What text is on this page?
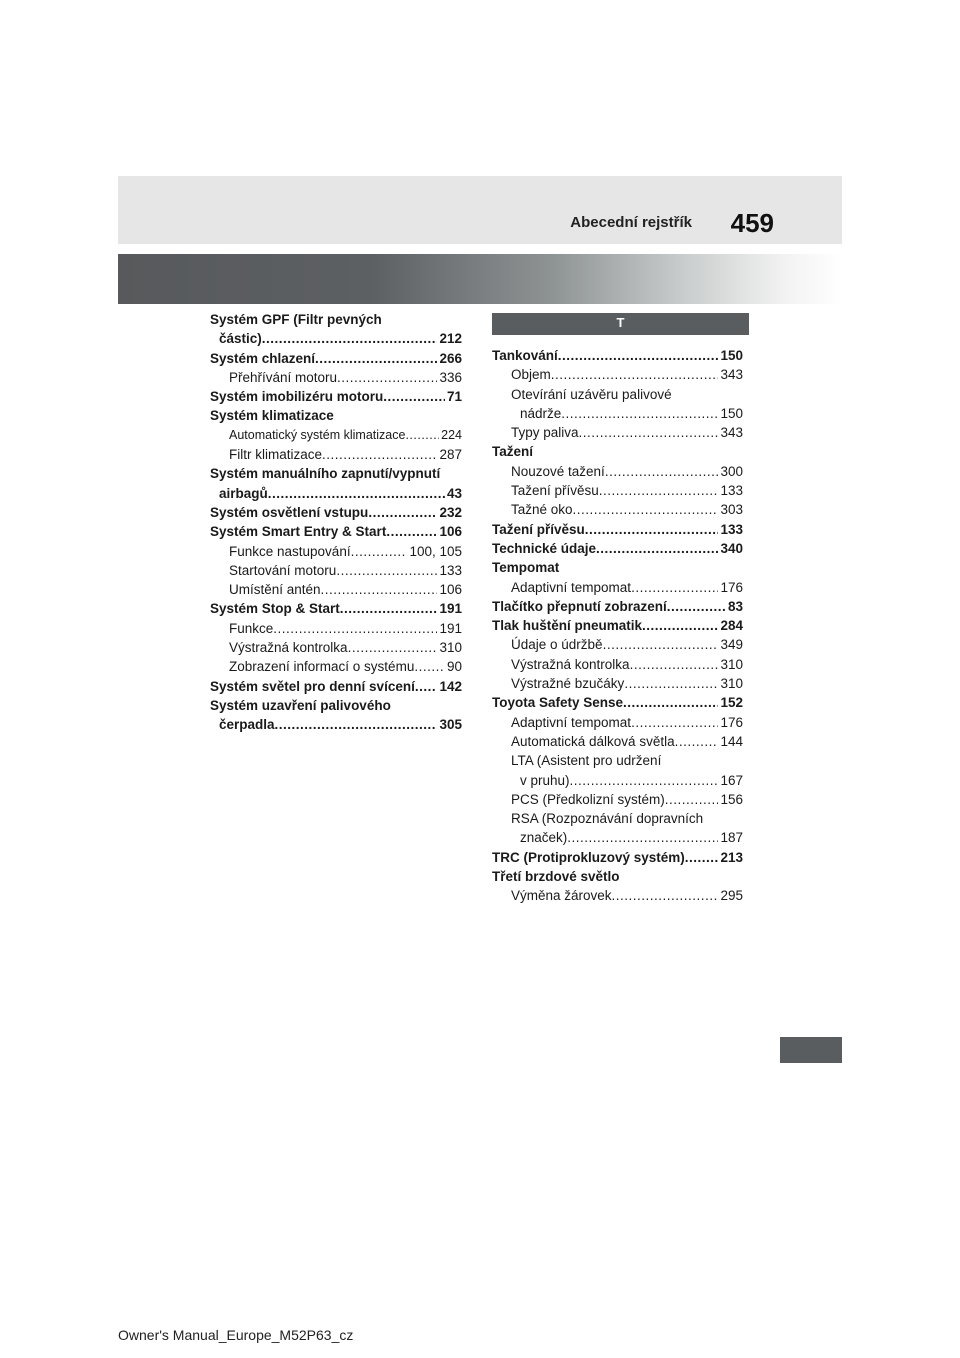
Abecední rejstřík 459
Systém GPF (Filtr pevných
částic) .....	212
Systém chlazení .....	266
Přehřívání motoru .....	336
Systém imobilizéru motoru .....	71
Systém klimatizace
Automatický systém klimatizace .....	224
Filtr klimatizace .....	287
Systém manuálního zapnutí/vypnutí
airbagů .....	43
Systém osvětlení vstupu .....	232
Systém Smart Entry & Start .....	106
Funkce nastupování .....	100, 105
Startování motoru .....	133
Umístění antén .....	106
Systém Stop & Start .....	191
Funkce .....	191
Výstražná kontrolka .....	310
Zobrazení informací o systému ..... 90
Systém světel pro denní svícení ..... 142
Systém uzavření palivového
čerpadla .....	305
T
Tankování .....	150
Objem .....	343
Otevírání uzávěru palivové
nádrže .....	150
Typy paliva .....	343
Tažení
Nouzové tažení .....	300
Tažení přívěsu .....	133
Tažné oko .....	303
Tažení přívěsu .....	133
Technické údaje .....	340
Tempomat
Adaptivní tempomat .....	176
Tlačítko přepnutí zobrazení .....	83
Tlak huštění pneumatik .....	284
Údaje o údržbě .....	349
Výstražná kontrolka .....	310
Výstražné bzučáky .....	310
Toyota Safety Sense .....	152
Adaptivní tempomat .....	176
Automatická dálková světla .....	144
LTA (Asistent pro udržení
v pruhu) .....	167
PCS (Předkolizní systém) .....	156
RSA (Rozpoznávání dopravních
značek) .....	187
TRC (Protiprokluzový systém) .....	213
Třetí brzdové světlo
Výměna žárovek .....	295
Owner's Manual_Europe_M52P63_cz
